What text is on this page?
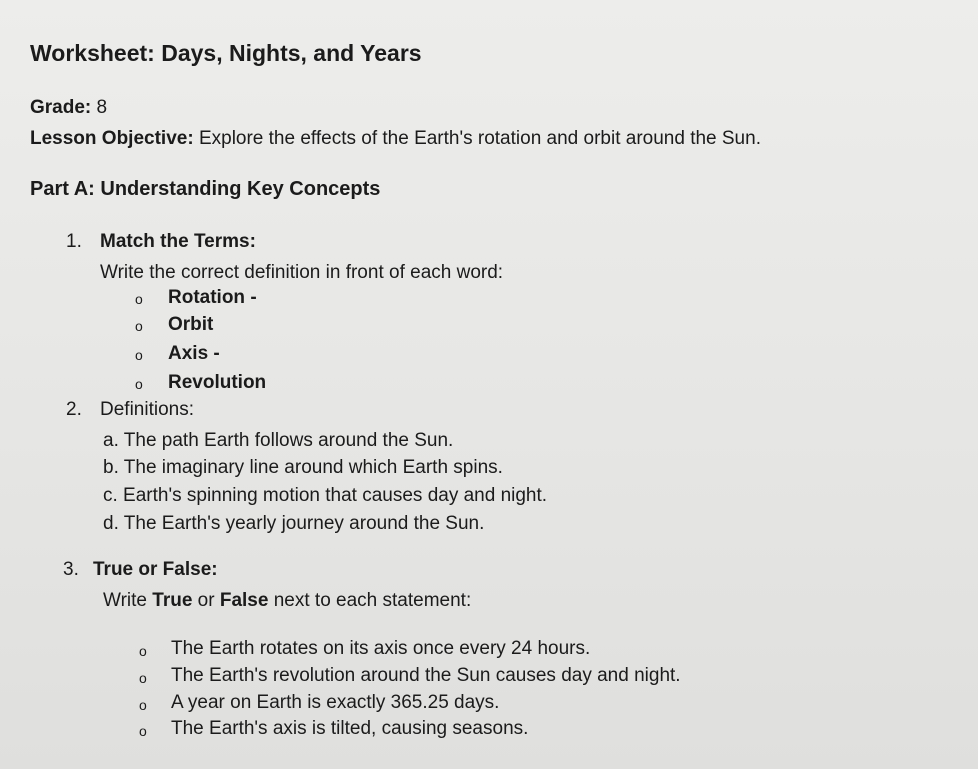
Worksheet: Days, Nights, and Years
Grade: 8
Lesson Objective: Explore the effects of the Earth's rotation and orbit around the Sun.
Part A: Understanding Key Concepts
1. Match the Terms:
Write the correct definition in front of each word:
o Rotation -
o Orbit
o Axis -
o Revolution
2. Definitions:
a. The path Earth follows around the Sun.
b. The imaginary line around which Earth spins.
c. Earth's spinning motion that causes day and night.
d. The Earth's yearly journey around the Sun.
3. True or False:
Write True or False next to each statement:
o The Earth rotates on its axis once every 24 hours.
o The Earth's revolution around the Sun causes day and night.
o A year on Earth is exactly 365.25 days.
o The Earth's axis is tilted, causing seasons.
